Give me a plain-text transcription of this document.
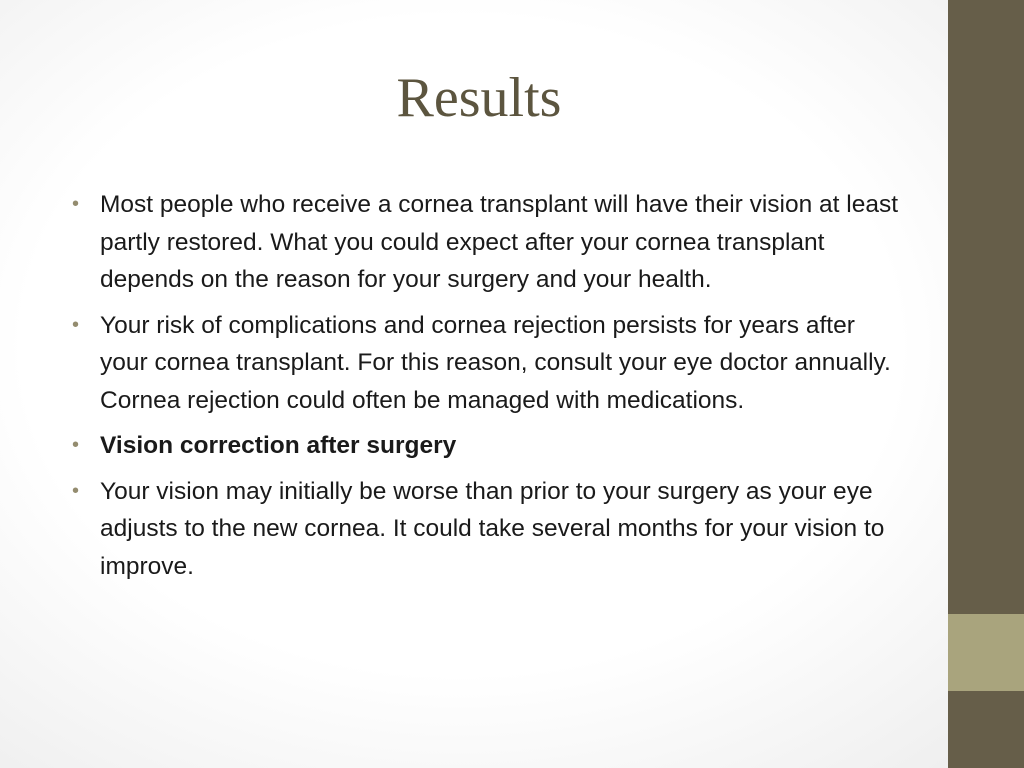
Results
• Most people who receive a cornea transplant will have their vision at least partly restored. What you could expect after your cornea transplant depends on the reason for your surgery and your health.
• Your risk of complications and cornea rejection persists for years after your cornea transplant. For this reason, consult your eye doctor annually. Cornea rejection could often be managed with medications.
• Vision correction after surgery
• Your vision may initially be worse than prior to your surgery as your eye adjusts to the new cornea. It could take several months for your vision to improve.
